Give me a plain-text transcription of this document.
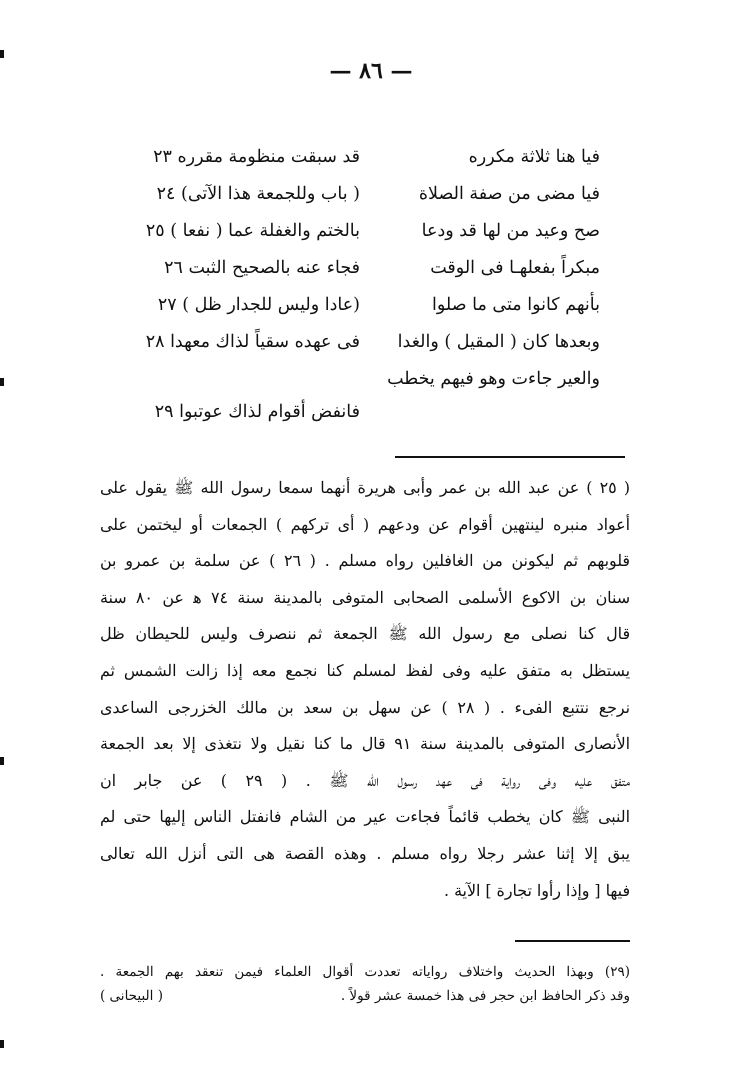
— ٨٦ —
فيا هنا ثلاثة مكرره
قد سبقت منظومة مقرره ٢٣
فيا مضى من صفة الصلاة
( باب وللجمعة هذا الآتى) ٢٤
صح وعيد من لها قد ودعا
بالختم والغفلة عما ( نفعا ) ٢٥
مبكراً بفعلهـا فى الوقت
فجاء عنه بالصحيح الثبت ٢٦
بأنهم كانوا متى ما صلوا
(عادا وليس للجدار ظل ) ٢٧
وبعدها كان ( المقيل ) والغدا
فى عهده سقياً لذاك معهدا ٢٨
والعير جاءت وهو فيهم يخطب
فانفض أقوام لذاك عوتبوا ٢٩
( ٢٥ ) عن عبد الله بن عمر وأبى هريرة أنهما سمعا رسول الله ﷺ يقول على
أعواد منبره لينتهين أقوام عن ودعهم ( أى تركهم ) الجمعات أو ليختمن على
قلوبهم ثم ليكونن من الغافلين رواه مسلم . ( ٢٦ ) عن سلمة بن عمرو بن
سنان بن الاكوع الأسلمى الصحابى المتوفى بالمدينة سنة ٧٤ ﻫ عن ٨٠ سنة
قال كنا نصلى مع رسول الله ﷺ الجمعة ثم ننصرف وليس للحيطان ظل
يستظل به متفق عليه وفى لفظ لمسلم كنا نجمع معه إذا زالت الشمس ثم
نرجع نتتبع الفىء . ( ٢٨ ) عن سهل بن سعد بن مالك الخزرجى الساعدى
الأنصارى المتوفى بالمدينة سنة ٩١ قال ما كنا نقيل ولا نتغذى إلا بعد الجمعة
متفق عليه وفى رواية فى عهد رسول الله ﷺ . ( ٢٩ ) عن جابر ان
النبى ﷺ كان يخطب قائماً فجاءت عير من الشام فانفتل الناس إليها حتى لم
يبق إلا إثنا عشر رجلا رواه مسلم . وهذه القصة هى التى أنزل الله تعالى
فيها [ وإذا رأوا تجارة ] الآية .
(٢٩) وبهذا الحديث واختلاف رواياته تعددت أقوال العلماء فيمن تنعقد بهم الجمعة .
وقد ذكر الحافظ ابن حجر فى هذا خمسة عشر قولاً .
( البيحانى )
